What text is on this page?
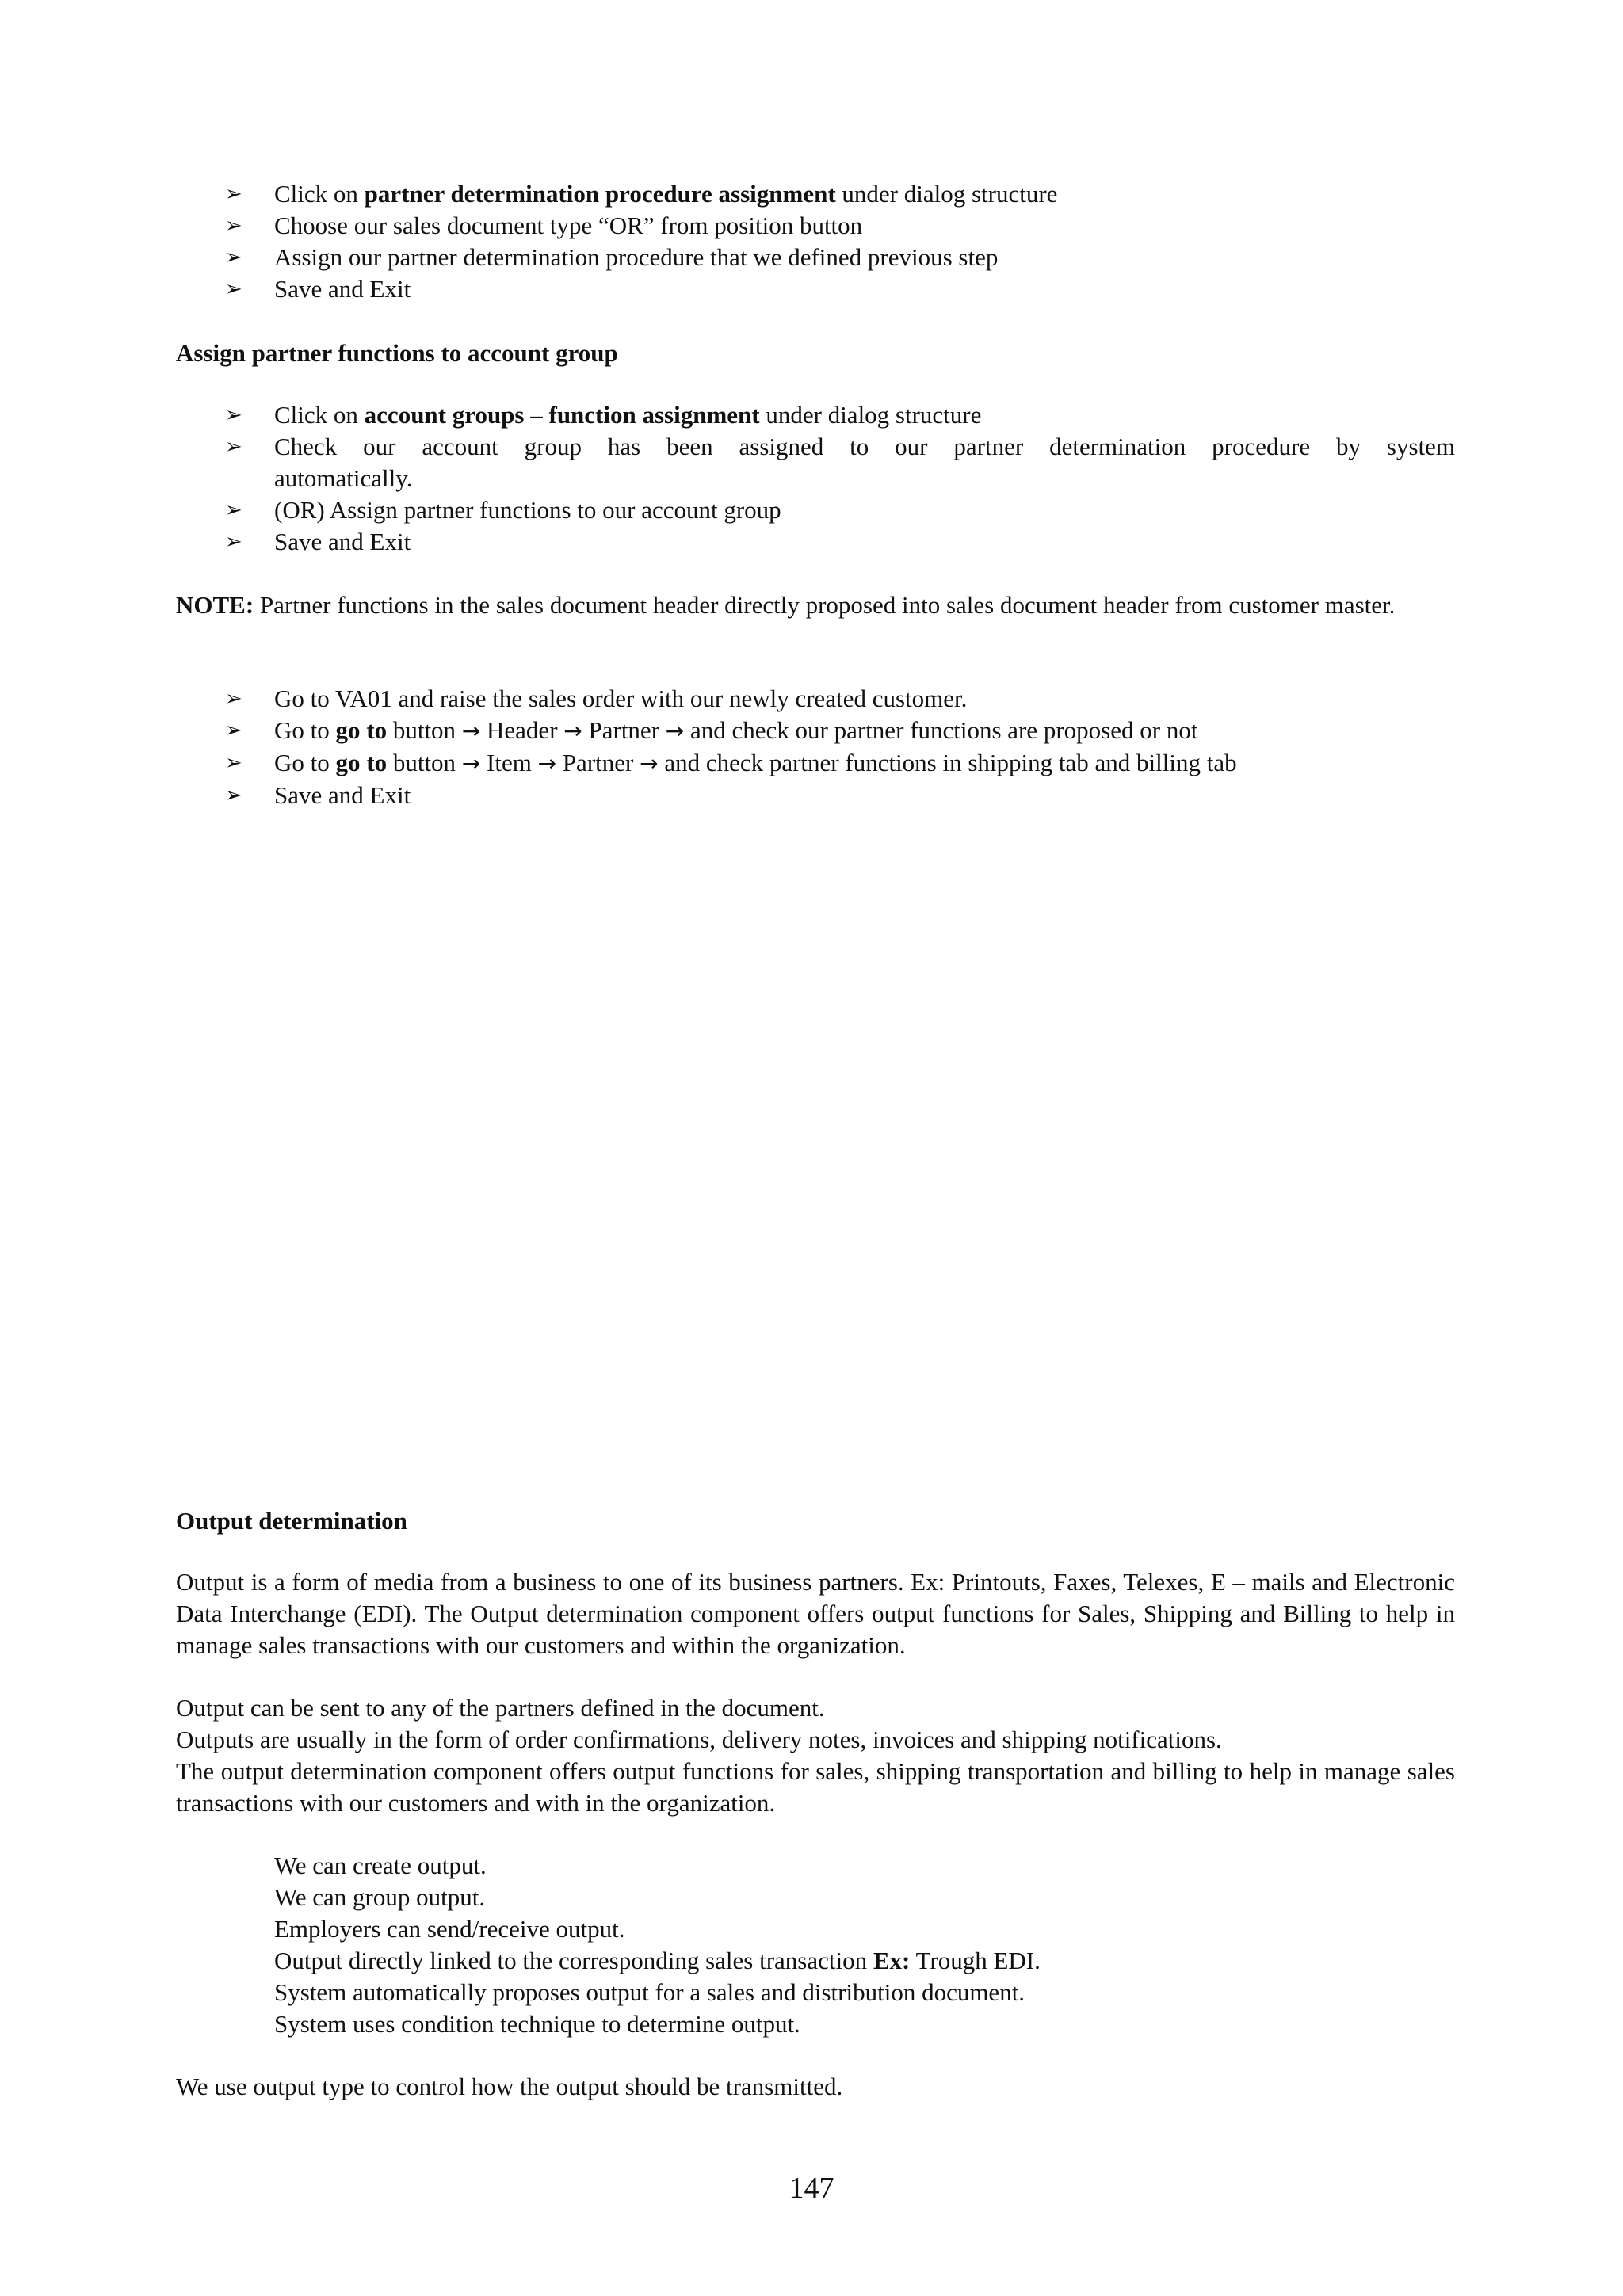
➢	Click on partner determination procedure assignment under dialog structure
➢	Choose our sales document type “OR” from position button
➢	Assign our partner determination procedure that we defined previous step
➢	Save and Exit
Assign partner functions to account group
➢	Click on account groups – function assignment under dialog structure
➢	Check our account group has been assigned to our partner determination procedure by system
automatically.
➢	(OR) Assign partner functions to our account group
➢	Save and Exit

NOTE: Partner functions in the sales document header directly proposed into sales document header from customer master.

➢	Go to VA01 and raise the sales order with our newly created customer.
➢	Go to go to button → Header → Partner → and check our partner functions are proposed or not
➢	Go to go to button → Item → Partner → and check partner functions in shipping tab and billing tab
➢	Save and Exit
Output determination

Output is a form of media from a business to one of its business partners. Ex: Printouts, Faxes, Telexes, E – mails and Electronic Data Interchange (EDI). The Output determination component offers output functions for Sales, Shipping and Billing to help in manage sales transactions with our customers and within the organization.

Output can be sent to any of the partners defined in the document.
Outputs are usually in the form of order confirmations, delivery notes, invoices and shipping notifications.
The output determination component offers output functions for sales, shipping transportation and billing to help in manage sales transactions with our customers and with in the organization.
We can create output.
We can group output.
Employers can send/receive output.
Output directly linked to the corresponding sales transaction Ex: Trough EDI.
System automatically proposes output for a sales and distribution document.
System uses condition technique to determine output.

We use output type to control how the output should be transmitted.

147
